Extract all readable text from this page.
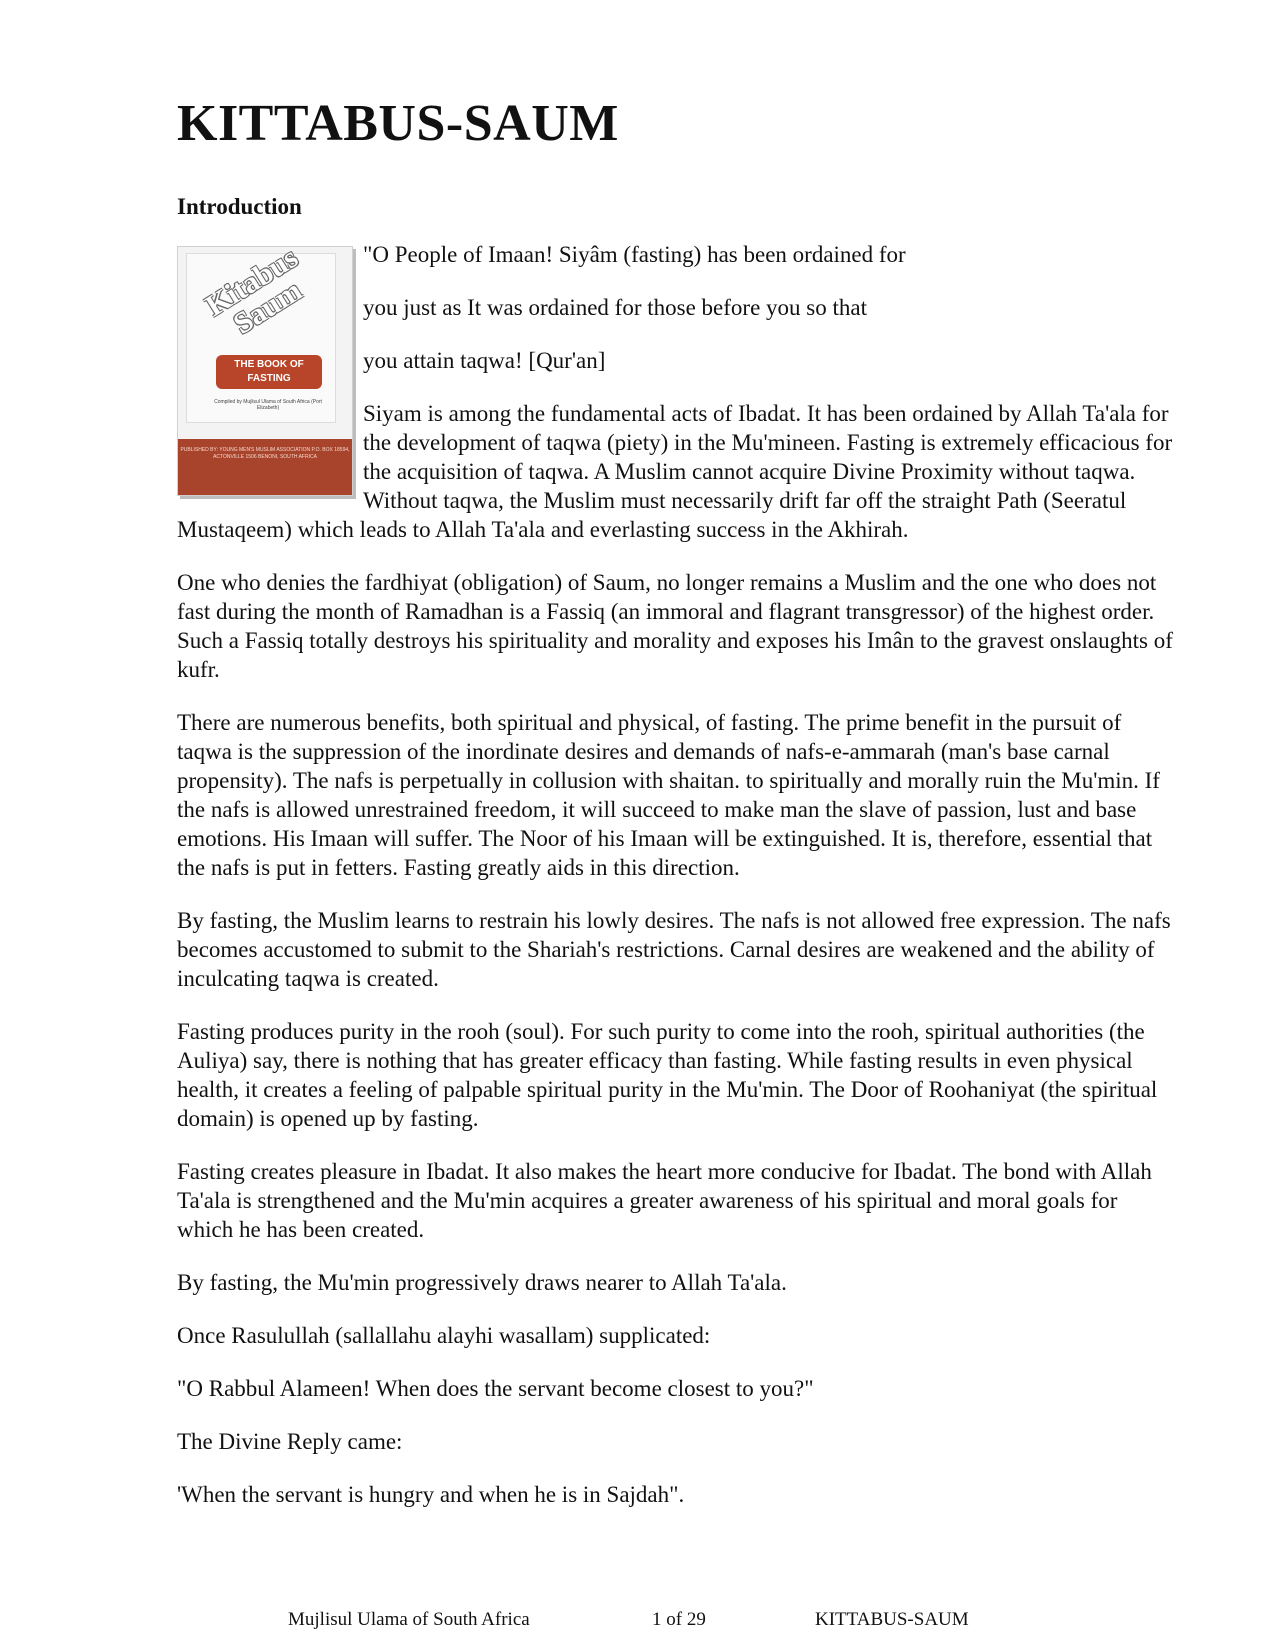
KITTABUS-SAUM
Introduction
Kitabus Saum
THE BOOK OF FASTING
Compiled by Mujlisul Ulama of South Africa (Port Elizabeth)
PUBLISHED BY: YOUNG MEN'S MUSLIM ASSOCIATION P.O. BOX 18594, ACTONVILLE 1506 BENONI, SOUTH AFRICA
"O People of Imaan! Siyâm (fasting) has been ordained for
you just as It was ordained for those before you so that
you attain taqwa! [Qur'an]

Siyam is among the fundamental acts of Ibadat. It has been ordained by Allah Ta'ala for the development of taqwa (piety) in the Mu'mineen. Fasting is extremely efficacious for the acquisition of taqwa. A Muslim cannot acquire Divine Proximity without taqwa. Without taqwa, the Muslim must necessarily drift far off the straight Path (Seeratul Mustaqeem) which leads to Allah Ta'ala and everlasting success in the Akhirah.

One who denies the fardhiyat (obligation) of Saum, no longer remains a Muslim and the one who does not fast during the month of Ramadhan is a Fassiq (an immoral and flagrant transgressor) of the highest order. Such a Fassiq totally destroys his spirituality and morality and exposes his Imân to the gravest onslaughts of kufr.

There are numerous benefits, both spiritual and physical, of fasting. The prime benefit in the pursuit of taqwa is the suppression of the inordinate desires and demands of nafs-e-ammarah (man's base carnal propensity). The nafs is perpetually in collusion with shaitan. to spiritually and morally ruin the Mu'min. If the nafs is allowed unrestrained freedom, it will succeed to make man the slave of passion, lust and base emotions. His Imaan will suffer. The Noor of his Imaan will be extinguished. It is, therefore, essential that the nafs is put in fetters. Fasting greatly aids in this direction.

By fasting, the Muslim learns to restrain his lowly desires. The nafs is not allowed free expression. The nafs becomes accustomed to submit to the Shariah's restrictions. Carnal desires are weakened and the ability of inculcating taqwa is created.

Fasting produces purity in the rooh (soul). For such purity to come into the rooh, spiritual authorities (the Auliya) say, there is nothing that has greater efficacy than fasting. While fasting results in even physical health, it creates a feeling of palpable spiritual purity in the Mu'min. The Door of Roohaniyat (the spiritual domain) is opened up by fasting.

Fasting creates pleasure in Ibadat. It also makes the heart more conducive for Ibadat. The bond with Allah Ta'ala is strengthened and the Mu'min acquires a greater awareness of his spiritual and moral goals for which he has been created.

By fasting, the Mu'min progressively draws nearer to Allah Ta'ala.

Once Rasulullah (sallallahu alayhi wasallam) supplicated:

"O Rabbul Alameen! When does the servant become closest to you?"

The Divine Reply came:

'When the servant is hungry and when he is in Sajdah".

Mujlisul Ulama of South Africa	1 of 29	KITTABUS-SAUM
